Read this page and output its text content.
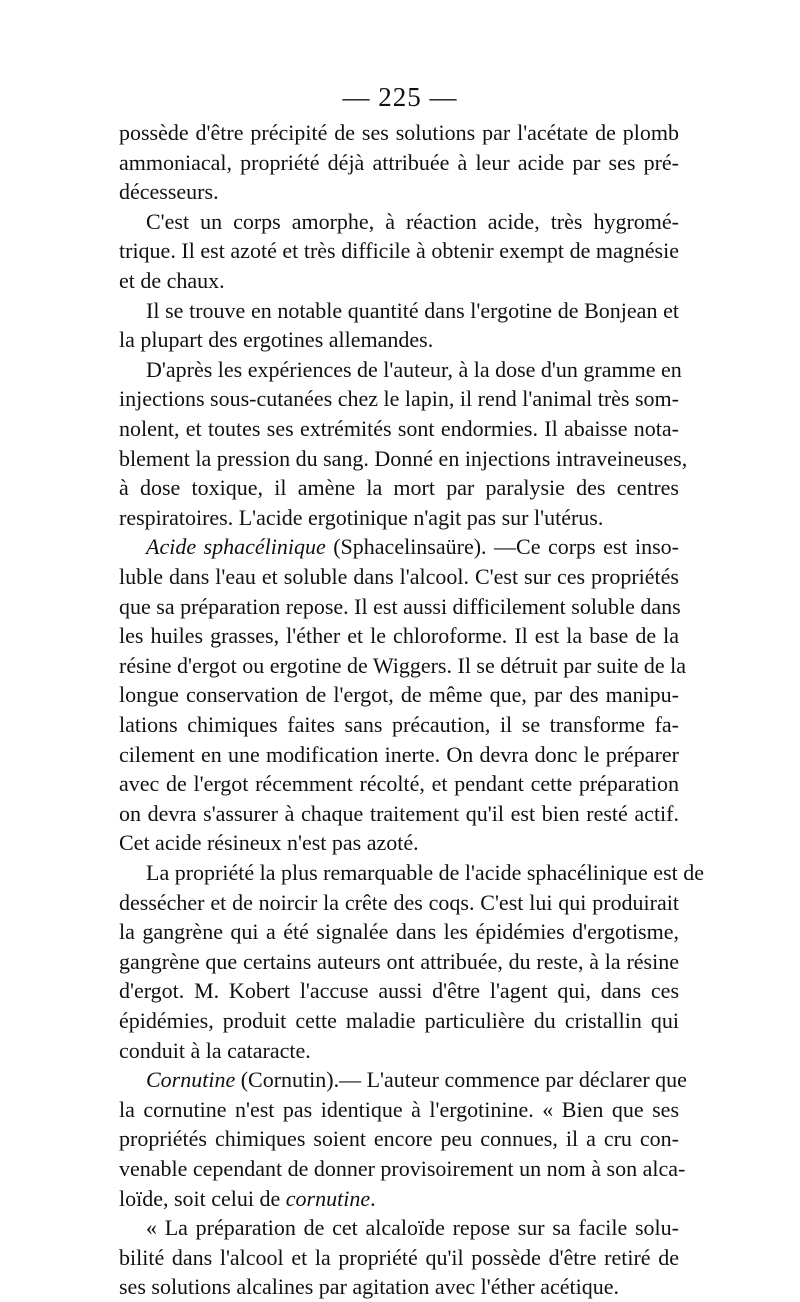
— 225 —
possède d'être précipité de ses solutions par l'acétate de plomb
ammoniacal, propriété déjà attribuée à leur acide par ses pré-
décesseurs.
C'est un corps amorphe, à réaction acide, très hygromé-
trique. Il est azoté et très difficile à obtenir exempt de magnésie
et de chaux.
Il se trouve en notable quantité dans l'ergotine de Bonjean et
la plupart des ergotines allemandes.
D'après les expériences de l'auteur, à la dose d'un gramme en
injections sous-cutanées chez le lapin, il rend l'animal très som-
nolent, et toutes ses extrémités sont endormies. Il abaisse nota-
blement la pression du sang. Donné en injections intraveineuses,
à dose toxique, il amène la mort par paralysie des centres
respiratoires. L'acide ergotinique n'agit pas sur l'utérus.
Acide sphacélinique (Sphacelinsaüre). —Ce corps est inso-
luble dans l'eau et soluble dans l'alcool. C'est sur ces propriétés
que sa préparation repose. Il est aussi difficilement soluble dans
les huiles grasses, l'éther et le chloroforme. Il est la base de la
résine d'ergot ou ergotine de Wiggers. Il se détruit par suite de la
longue conservation de l'ergot, de même que, par des manipu-
lations chimiques faites sans précaution, il se transforme fa-
cilement en une modification inerte. On devra donc le préparer
avec de l'ergot récemment récolté, et pendant cette préparation
on devra s'assurer à chaque traitement qu'il est bien resté actif.
Cet acide résineux n'est pas azoté.
La propriété la plus remarquable de l'acide sphacélinique est de
dessécher et de noircir la crête des coqs. C'est lui qui produirait
la gangrène qui a été signalée dans les épidémies d'ergotisme,
gangrène que certains auteurs ont attribuée, du reste, à la résine
d'ergot. M. Kobert l'accuse aussi d'être l'agent qui, dans ces
épidémies, produit cette maladie particulière du cristallin qui
conduit à la cataracte.
Cornutine (Cornutin).— L'auteur commence par déclarer que
la cornutine n'est pas identique à l'ergotinine. « Bien que ses
propriétés chimiques soient encore peu connues, il a cru con-
venable cependant de donner provisoirement un nom à son alca-
loïde, soit celui de cornutine.
« La préparation de cet alcaloïde repose sur sa facile solu-
bilité dans l'alcool et la propriété qu'il possède d'être retiré de
ses solutions alcalines par agitation avec l'éther acétique.
